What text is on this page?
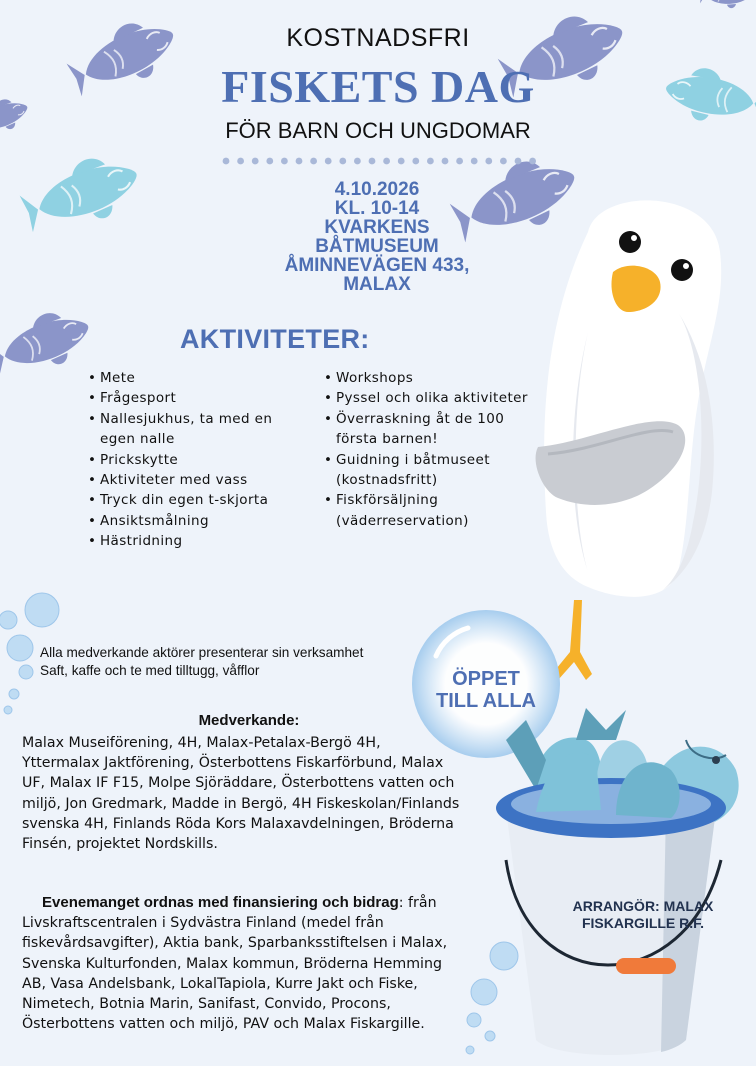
KOSTNADSFRI
FISKETS DAG
FÖR BARN OCH UNGDOMAR
4.10.2026
KL. 10-14
KVARKENS
BÅTMUSEUM
ÅMINNEVÄGEN 433,
MALAX
AKTIVITETER:
• Mete
• Frågesport
• Nallesjukhus, ta med en egen nalle
• Prickskytte
• Aktiviteter med vass
• Tryck din egen t-skjorta
• Ansiktsmålning
• Hästridning
• Workshops
• Pyssel och olika aktiviteter
• Överraskning åt de 100 första barnen!
• Guidning i båtmuseet (kostnadsfritt)
• Fiskförsäljning (väderreservation)
ÖPPET
TILL ALLA
ARRANGÖR: MALAX
FISKARGILLE R.F.
Alla medverkande aktörer presenterar sin verksamhet
Saft, kaffe och te med tilltugg, våfflor
Medverkande:
Malax Museiförening, 4H, Malax-Petalax-Bergö 4H, Yttermalax Jaktförening, Österbottens Fiskarförbund, Malax UF, Malax IF F15, Molpe Sjöräddare, Österbottens vatten och miljö, Jon Gredmark, Madde in Bergö, 4H Fiskeskolan/Finlands svenska 4H, Finlands Röda Kors Malaxavdelningen, Bröderna Finsén, projektet Nordskills.
Evenemanget ordnas med finansiering och bidrag: från Livskraftscentralen i Sydvästra Finland (medel från fiskevårdsavgifter), Aktia bank, Sparbanksstiftelsen i Malax, Svenska Kulturfonden, Malax kommun, Bröderna Hemming AB, Vasa Andelsbank, LokalTapiola, Kurre Jakt och Fiske, Nimetech, Botnia Marin, Sanifast, Convido, Procons, Österbottens vatten och miljö, PAV och Malax Fiskargille.
